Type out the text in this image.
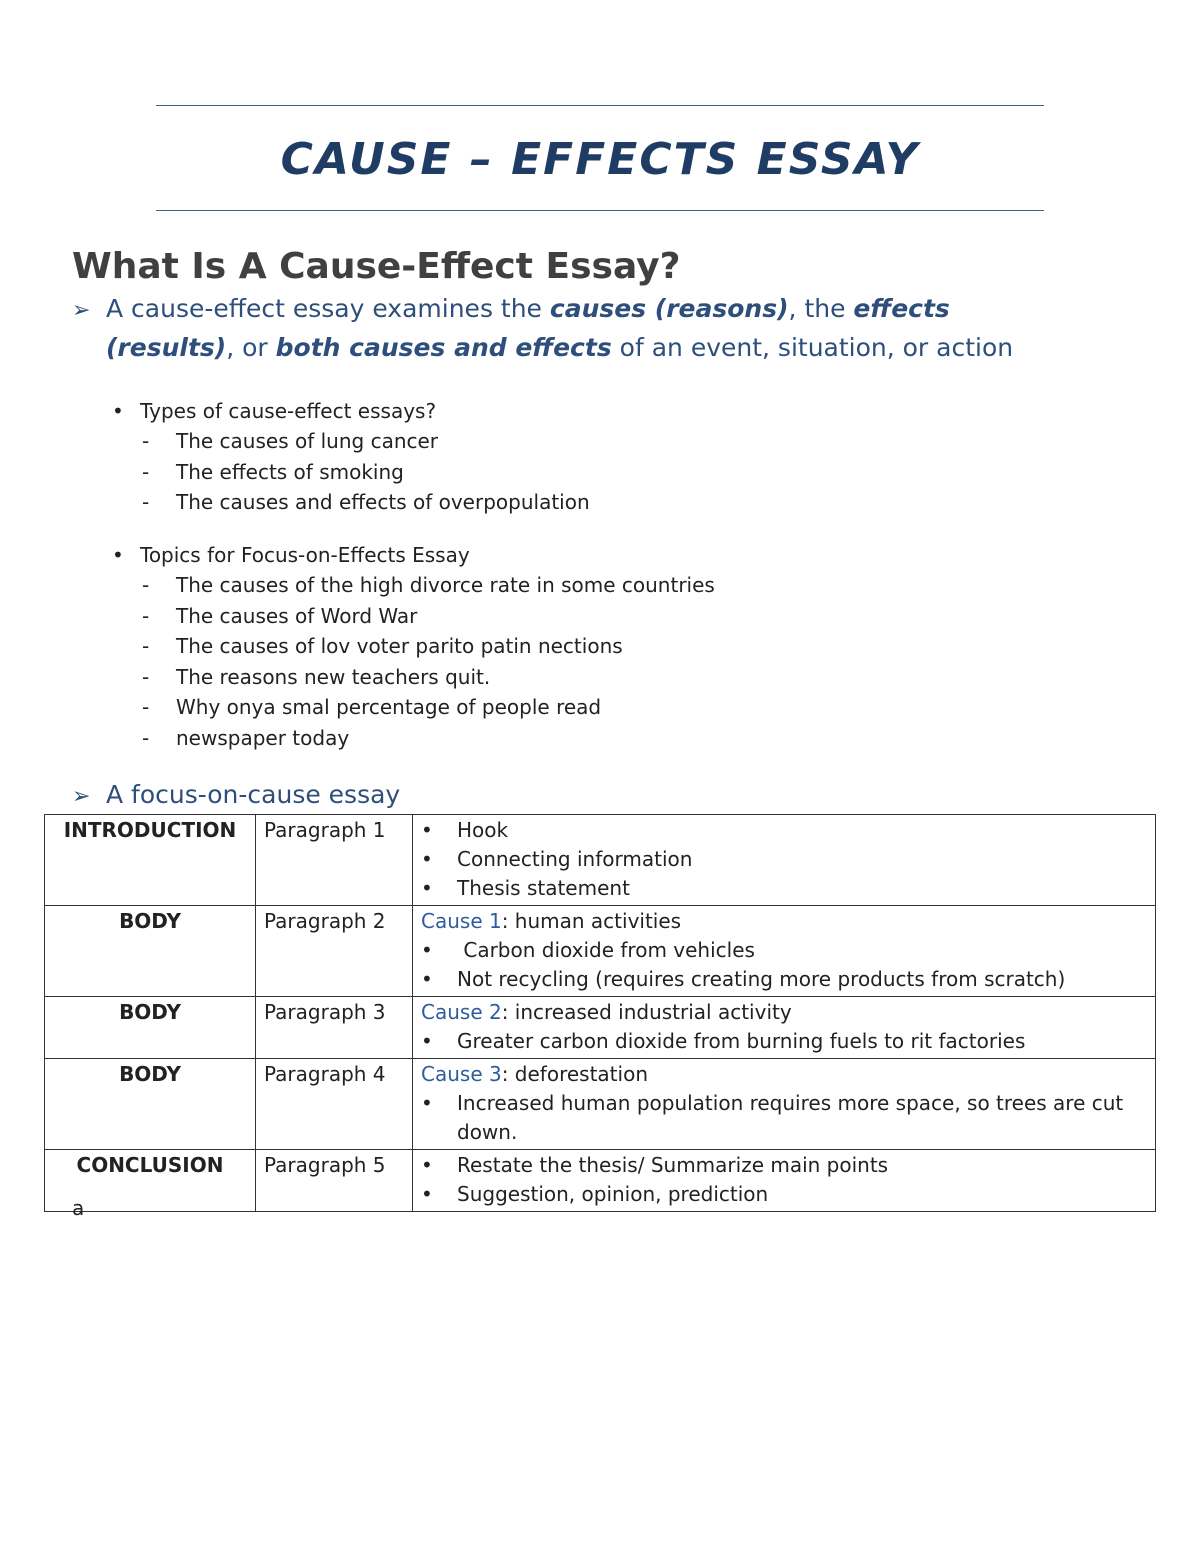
CAUSE – EFFECTS ESSAY
What Is A Cause-Effect Essay?
➢ A cause-effect essay examines the causes (reasons), the effects
(results), or both causes and effects of an event, situation, or action
• Types of cause-effect essays?
- The causes of lung cancer
- The effects of smoking
- The causes and effects of overpopulation
• Topics for Focus-on-Effects Essay
- The causes of the high divorce rate in some countries
- The causes of Word War
- The causes of lov voter parito patin nections
- The reasons new teachers quit.
- Why onya smal percentage of people read
- newspaper today
➢ A focus-on-cause essay
INTRODUCTION	Paragraph 1	• Hook
• Connecting information
• Thesis statement

BODY	Paragraph 2	Cause 1: human activities
• Carbon dioxide from vehicles
• Not recycling (requires creating more products from scratch)

BODY	Paragraph 3	Cause 2: increased industrial activity
• Greater carbon dioxide from burning fuels to rit factories

BODY	Paragraph 4	Cause 3: deforestation
• Increased human population requires more space, so trees are cut down.

CONCLUSION	Paragraph 5	• Restate the thesis/ Summarize main points
• Suggestion, opinion, prediction
a
